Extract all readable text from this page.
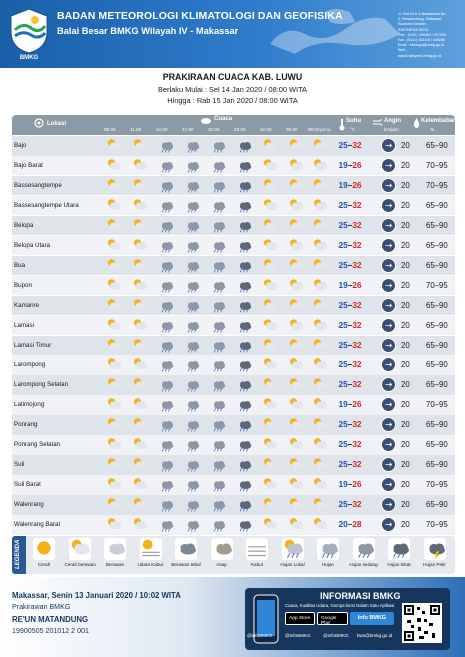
BMKG
BADAN METEOROLOGI KLIMATOLOGI DAN GEOFISIKA
Balai Besar BMKG Wilayah IV - Makassar
Jl. Prof.Dr.H.A.Basalamah No.
4, Panakkukang, Makassar,
Sulawesi Selatan,
INDONESIA 90231
Telp : (0411) 456493 / 437335
Fax : (0411) 453119 / 449286
Email : bbmkg4@bmkg.go.id
Web :
balai4.wilayah4.bmkg.go.id
PRAKIRAAN CUACA KAB. LUWU
Berlaku Mulai : Sel 14 Jan 2020 / 08:00 WITA
Hingga : Rab 15 Jan 2020 / 08:00 WITA
Lokasi
Cuaca
08.00	11.00	14.00	17.00	20.00	23.00	02.00	05.00 08.00 (WITA)
Suhu
°C
Angin
km/jam
Kelembaban
%
Bajo	25–32	20 65–90
Bajo Barat	19–26	20 70–95
Bassesangtempe	19–26	20 70–95
Bassesangtempe Utara	25–32	20 65–90
Belopa	25–32	20 65–90
Belopa Utara	25–32	20 65–90
Bua	25–32	20 65–90
Bupon	19–26	20 70–95
Kamanre	25–32	20 65–90
Lamasi	25–32	20 65–90
Lamasi Timur	25–32	20 65–90
Larompong	25–32	20 65–90
Larompong Selatan	25–32	20 65–90
Latimojong	19–26	20 70–95
Ponrang	25–32	20 65–90
Ponrang Selatan	25–32	20 65–90
Suli	25–32	20 65–90
Suli Barat	19–26	20 70–95
Walenrang	25–32	20 65–90
Walenrang Barat	20–28	20 70–95
LEGENDA	Cerah	Cerah berawan	Berawan	Udara Kabur	Berawan tebal	Asap	Kabut	Hujan Lokal	Hujan	Hujan sedang	Hujan lebat	Hujan Petir
Makassar, Senin 13 Januari 2020 / 10:02 WITA
Prakirawan BMKG
RE'UN MATANDUNG
19900505 201012 2 001
INFORMASI BMKG
Cuaca, Kualitas Udara, Gempa bumi Dalam Satu Aplikasi
App Store	Google Play
Info BMKG
@infoBMKG	@infoBMKG	@infoBMKG bws@bmkg.go.id
